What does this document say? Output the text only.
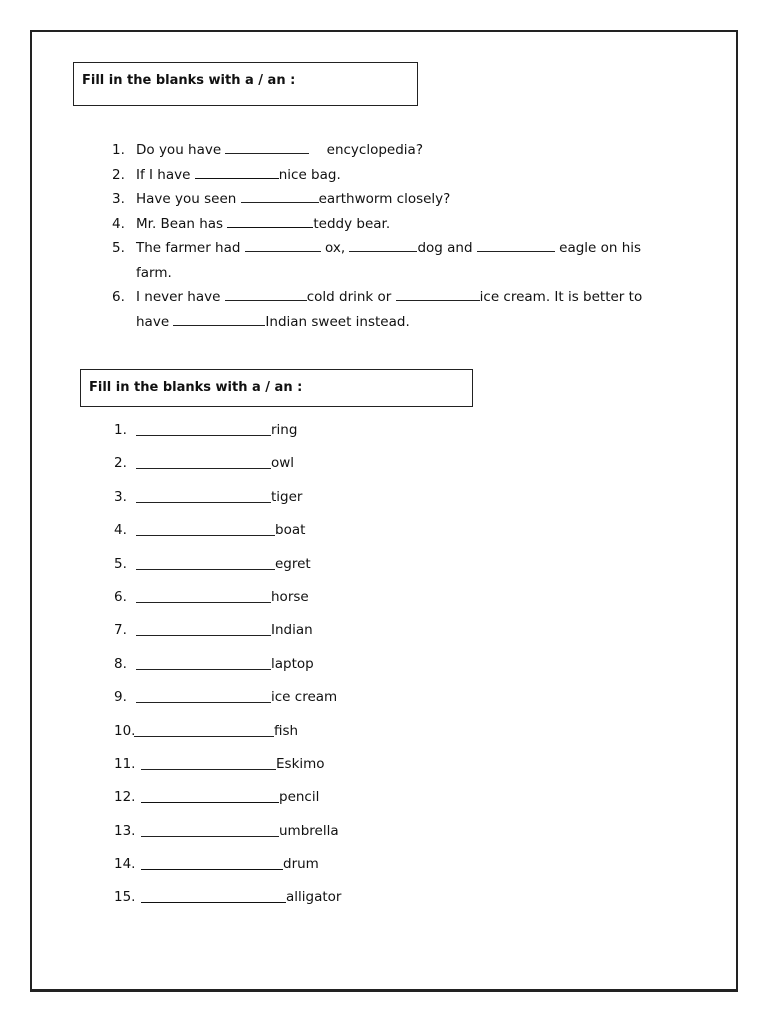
Fill in the blanks with a / an :
1. Do you have	encyclopedia?
2. If I have	nice bag.
3. Have you seen	earthworm closely?
4. Mr. Bean has	teddy bear.
5. The farmer had	ox,	dog and	eagle on his
farm.
6. I never have	cold drink or	ice cream. It is better to
have	Indian sweet instead.
Fill in the blanks with a / an :
1.	ring
2.	owl
3.	tiger
4.	boat
5.	egret
6.	horse
7.	Indian
8.	laptop
9.	ice cream
10.	fish
11.	Eskimo
12.	pencil
13.	umbrella
14.	drum
15.	alligator
